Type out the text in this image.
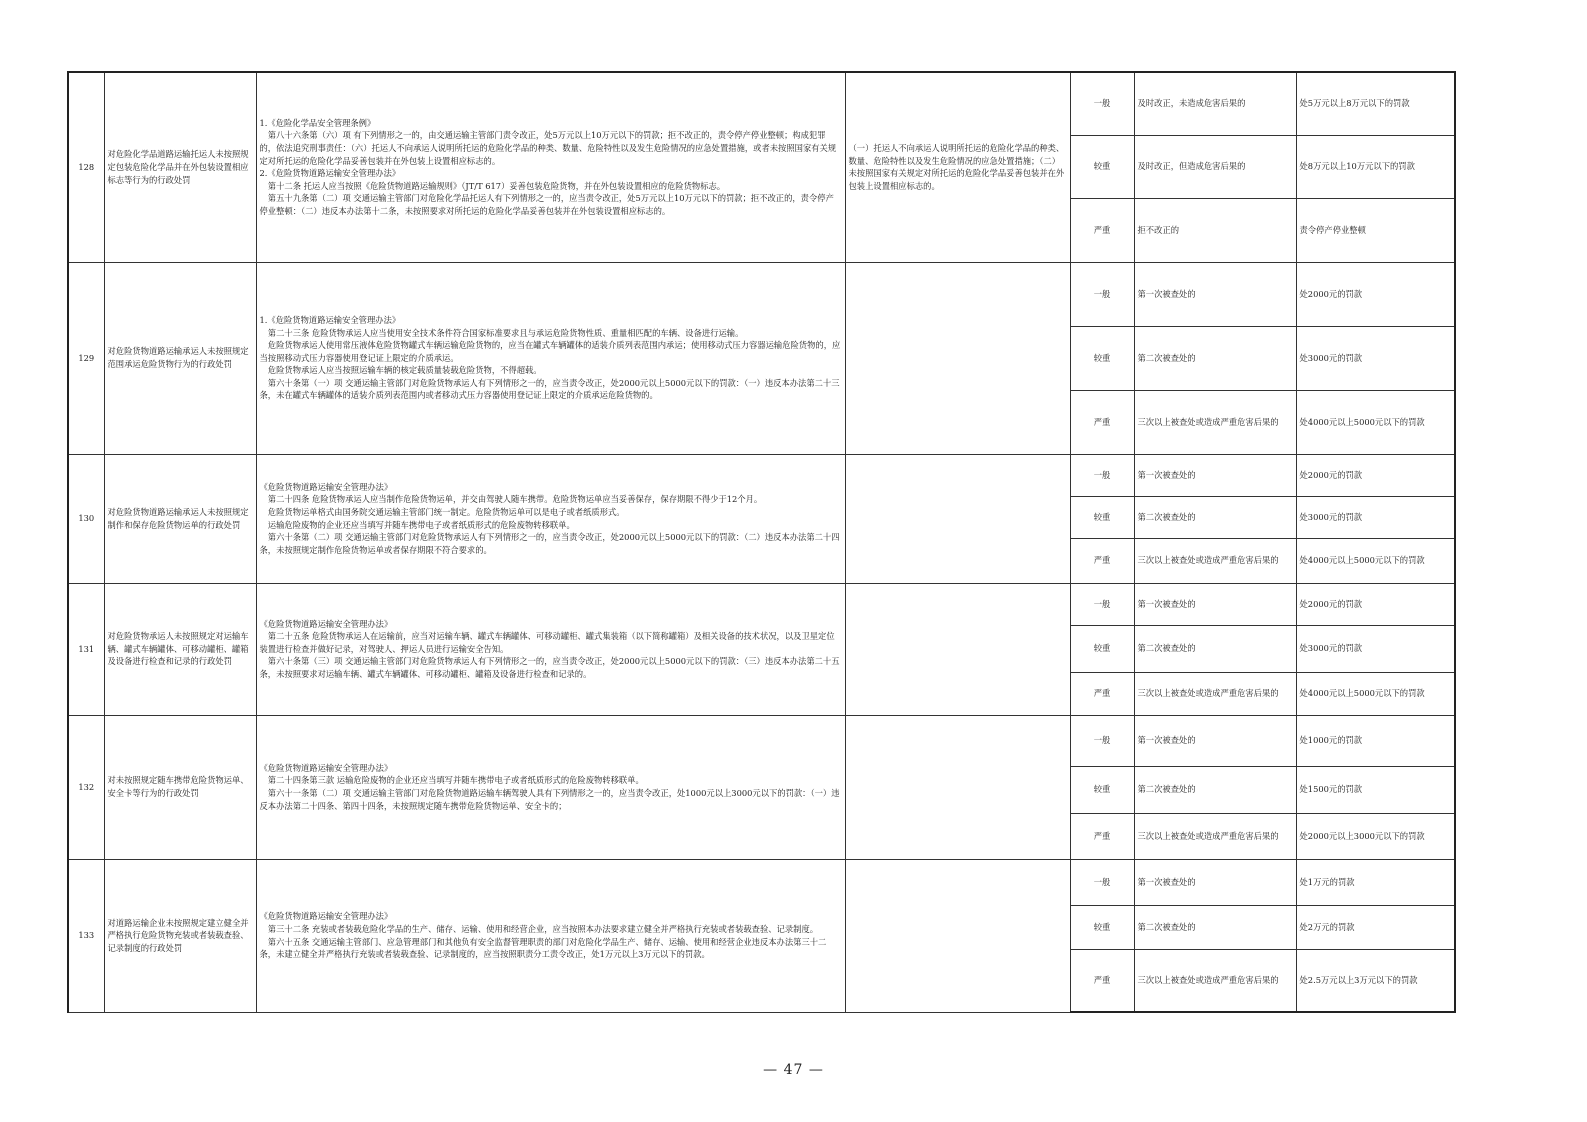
128	对危险化学品道路运输托运人未按照规定包装危险化学品并在外包装设置相应标志等行为的行政处罚	1.《危险化学品安全管理条例》

第八十六条第（六）项 有下列情形之一的，由交通运输主管部门责令改正，处5万元以上10万元以下的罚款；拒不改正的，责令停产停业整顿；构成犯罪的，依法追究刑事责任：（六）托运人不向承运人说明所托运的危险化学品的种类、数量、危险特性以及发生危险情况的应急处置措施，或者未按照国家有关规定对所托运的危险化学品妥善包装并在外包装上设置相应标志的。

2.《危险货物道路运输安全管理办法》

第十二条 托运人应当按照《危险货物道路运输规则》（JT/T 617）妥善包装危险货物，并在外包装设置相应的危险货物标志。

第五十九条第（二）项 交通运输主管部门对危险化学品托运人有下列情形之一的，应当责令改正，处5万元以上10万元以下的罚款；拒不改正的，责令停产停业整顿：（二）违反本办法第十二条，未按照要求对所托运的危险化学品妥善包装并在外包装设置相应标志的。	（一）托运人不向承运人说明所托运的危险化学品的种类、数量、危险特性以及发生危险情况的应急处置措施；（二）未按照国家有关规定对所托运的危险化学品妥善包装并在外包装上设置相应标志的。	一般	及时改正，未造成危害后果的	处5万元以上8万元以下的罚款
				较重	及时改正，但造成危害后果的	处8万元以上10万元以下的罚款
				严重	拒不改正的	责令停产停业整顿
129	对危险货物道路运输承运人未按照规定范围承运危险货物行为的行政处罚	1.《危险货物道路运输安全管理办法》

第二十三条 危险货物承运人应当使用安全技术条件符合国家标准要求且与承运危险货物性质、重量相匹配的车辆、设备进行运输。

危险货物承运人使用常压液体危险货物罐式车辆运输危险货物的，应当在罐式车辆罐体的适装介质列表范围内承运；使用移动式压力容器运输危险货物的，应当按照移动式压力容器使用登记证上限定的介质承运。

危险货物承运人应当按照运输车辆的核定载质量装载危险货物，不得超载。

第六十条第（一）项 交通运输主管部门对危险货物承运人有下列情形之一的，应当责令改正，处2000元以上5000元以下的罚款：（一）违反本办法第二十三条，未在罐式车辆罐体的适装介质列表范围内或者移动式压力容器使用登记证上限定的介质承运危险货物的。		一般	第一次被查处的	处2000元的罚款
				较重	第二次被查处的	处3000元的罚款
				严重	三次以上被查处或造成严重危害后果的	处4000元以上5000元以下的罚款
130	对危险货物道路运输承运人未按照规定制作和保存危险货物运单的行政处罚	《危险货物道路运输安全管理办法》

第二十四条 危险货物承运人应当制作危险货物运单，并交由驾驶人随车携带。危险货物运单应当妥善保存，保存期限不得少于12个月。

危险货物运单格式由国务院交通运输主管部门统一制定。危险货物运单可以是电子或者纸质形式。

运输危险废物的企业还应当填写并随车携带电子或者纸质形式的危险废物转移联单。

第六十条第（二）项 交通运输主管部门对危险货物承运人有下列情形之一的，应当责令改正，处2000元以上5000元以下的罚款：（二）违反本办法第二十四条，未按照规定制作危险货物运单或者保存期限不符合要求的。		一般	第一次被查处的	处2000元的罚款
				较重	第二次被查处的	处3000元的罚款
				严重	三次以上被查处或造成严重危害后果的	处4000元以上5000元以下的罚款
131	对危险货物承运人未按照规定对运输车辆、罐式车辆罐体、可移动罐柜、罐箱及设备进行检查和记录的行政处罚	《危险货物道路运输安全管理办法》

第二十五条 危险货物承运人在运输前，应当对运输车辆、罐式车辆罐体、可移动罐柜、罐式集装箱（以下简称罐箱）及相关设备的技术状况，以及卫星定位装置进行检查并做好记录，对驾驶人、押运人员进行运输安全告知。

第六十条第（三）项 交通运输主管部门对危险货物承运人有下列情形之一的，应当责令改正，处2000元以上5000元以下的罚款：（三）违反本办法第二十五条，未按照要求对运输车辆、罐式车辆罐体、可移动罐柜、罐箱及设备进行检查和记录的。		一般	第一次被查处的	处2000元的罚款
				较重	第二次被查处的	处3000元的罚款
				严重	三次以上被查处或造成严重危害后果的	处4000元以上5000元以下的罚款
132	对未按照规定随车携带危险货物运单、安全卡等行为的行政处罚	《危险货物道路运输安全管理办法》

第二十四条第三款 运输危险废物的企业还应当填写并随车携带电子或者纸质形式的危险废物转移联单。

第六十一条第（二）项 交通运输主管部门对危险货物道路运输车辆驾驶人具有下列情形之一的，应当责令改正，处1000元以上3000元以下的罚款：（一）违反本办法第二十四条、第四十四条，未按照规定随车携带危险货物运单、安全卡的；		一般	第一次被查处的	处1000元的罚款
				较重	第二次被查处的	处1500元的罚款
				严重	三次以上被查处或造成严重危害后果的	处2000元以上3000元以下的罚款
133	对道路运输企业未按照规定建立健全并严格执行危险货物充装或者装载查验、记录制度的行政处罚	《危险货物道路运输安全管理办法》

第三十二条 充装或者装载危险化学品的生产、储存、运输、使用和经营企业，应当按照本办法要求建立健全并严格执行充装或者装载查验、记录制度。

第六十五条 交通运输主管部门、应急管理部门和其他负有安全监督管理职责的部门对危险化学品生产、储存、运输、使用和经营企业违反本办法第三十二条，未建立健全并严格执行充装或者装载查验、记录制度的，应当按照职责分工责令改正，处1万元以上3万元以下的罚款。		一般	第一次被查处的	处1万元的罚款
				较重	第二次被查处的	处2万元的罚款
				严重	三次以上被查处或造成严重危害后果的	处2.5万元以上3万元以下的罚款
— 47 —
